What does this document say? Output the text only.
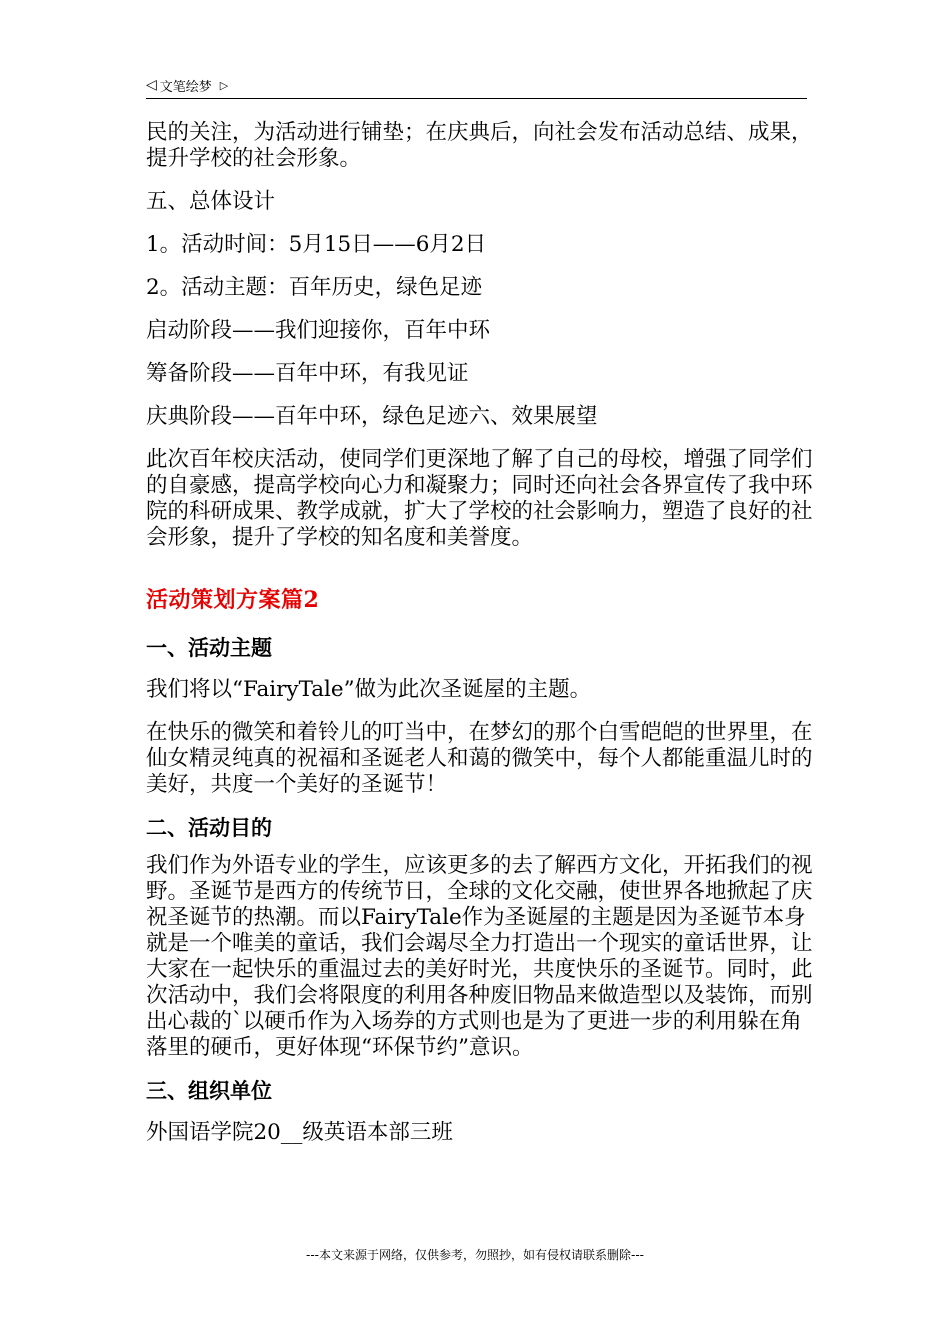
◁ 文笔绘梦 ▷

民的关注，为活动进行铺垫；在庆典后，向社会发布活动总结、成果，提升学校的社会形象。

五、总体设计

1。活动时间：5月15日——6月2日

2。活动主题：百年历史，绿色足迹

启动阶段——我们迎接你，百年中环

筹备阶段——百年中环，有我见证

庆典阶段——百年中环，绿色足迹六、效果展望

此次百年校庆活动，使同学们更深地了解了自己的母校，增强了同学们的自豪感，提高学校向心力和凝聚力；同时还向社会各界宣传了我中环院的科研成果、教学成就，扩大了学校的社会影响力，塑造了良好的社会形象，提升了学校的知名度和美誉度。

活动策划方案篇2

一、活动主题

我们将以“FairyTale”做为此次圣诞屋的主题。

在快乐的微笑和着铃儿的叮当中，在梦幻的那个白雪皑皑的世界里，在仙女精灵纯真的祝福和圣诞老人和蔼的微笑中，每个人都能重温儿时的美好，共度一个美好的圣诞节！

二、活动目的

我们作为外语专业的学生，应该更多的去了解西方文化，开拓我们的视野。圣诞节是西方的传统节日，全球的文化交融，使世界各地掀起了庆祝圣诞节的热潮。而以FairyTale作为圣诞屋的主题是因为圣诞节本身就是一个唯美的童话，我们会竭尽全力打造出一个现实的童话世界，让大家在一起快乐的重温过去的美好时光，共度快乐的圣诞节。同时，此次活动中，我们会将限度的利用各种废旧物品来做造型以及装饰，而别出心裁的`以硬币作为入场券的方式则也是为了更进一步的利用躲在角落里的硬币，更好体现“环保节约”意识。

三、组织单位

外国语学院20__级英语本部三班

---本文来源于网络，仅供参考，勿照抄，如有侵权请联系删除---
